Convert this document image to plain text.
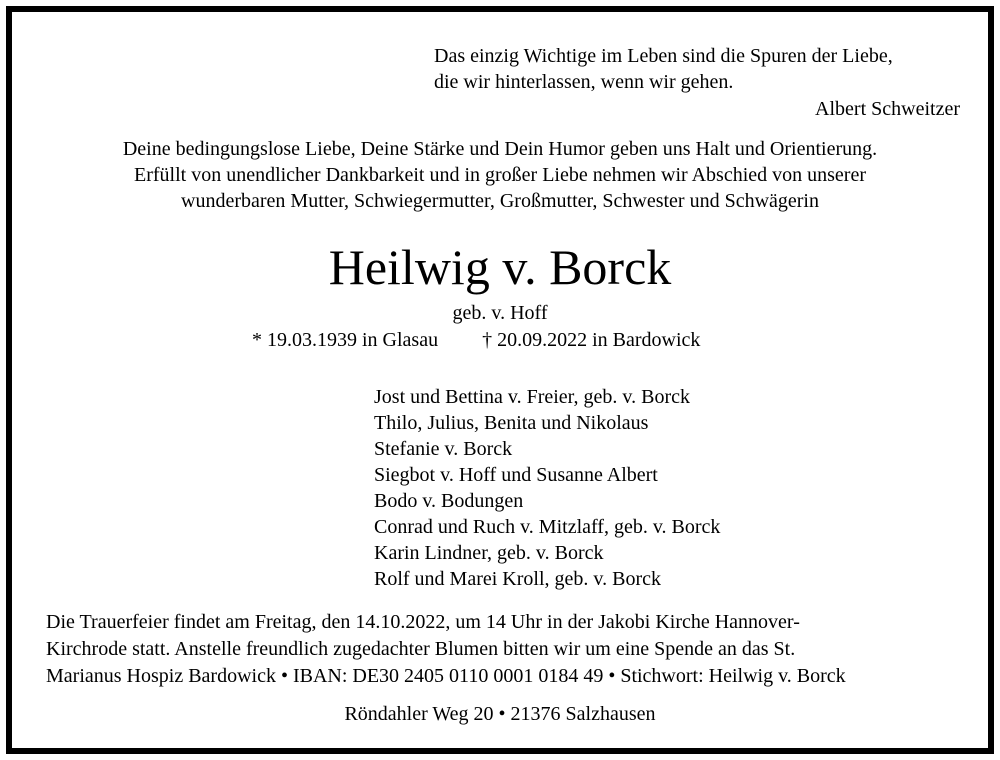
Das einzig Wichtige im Leben sind die Spuren der Liebe,
die wir hinterlassen, wenn wir gehen.
Albert Schweitzer
Deine bedingungslose Liebe, Deine Stärke und Dein Humor geben uns Halt und Orientierung.
Erfüllt von unendlicher Dankbarkeit und in großer Liebe nehmen wir Abschied von unserer
wunderbaren Mutter, Schwiegermutter, Großmutter, Schwester und Schwägerin
Heilwig v. Borck
geb. v. Hoff
* 19.03.1939 in Glasau † 20.09.2022 in Bardowick
Jost und Bettina v. Freier, geb. v. Borck
Thilo, Julius, Benita und Nikolaus
Stefanie v. Borck
Siegbot v. Hoff und Susanne Albert
Bodo v. Bodungen
Conrad und Ruch v. Mitzlaff, geb. v. Borck
Karin Lindner, geb. v. Borck
Rolf und Marei Kroll, geb. v. Borck
Die Trauerfeier findet am Freitag, den 14.10.2022, um 14 Uhr in der Jakobi Kirche Hannover-
Kirchrode statt. Anstelle freundlich zugedachter Blumen bitten wir um eine Spende an das St.
Marianus Hospiz Bardowick • IBAN: DE30 2405 0110 0001 0184 49 • Stichwort: Heilwig v. Borck
Röndahler Weg 20 • 21376 Salzhausen
